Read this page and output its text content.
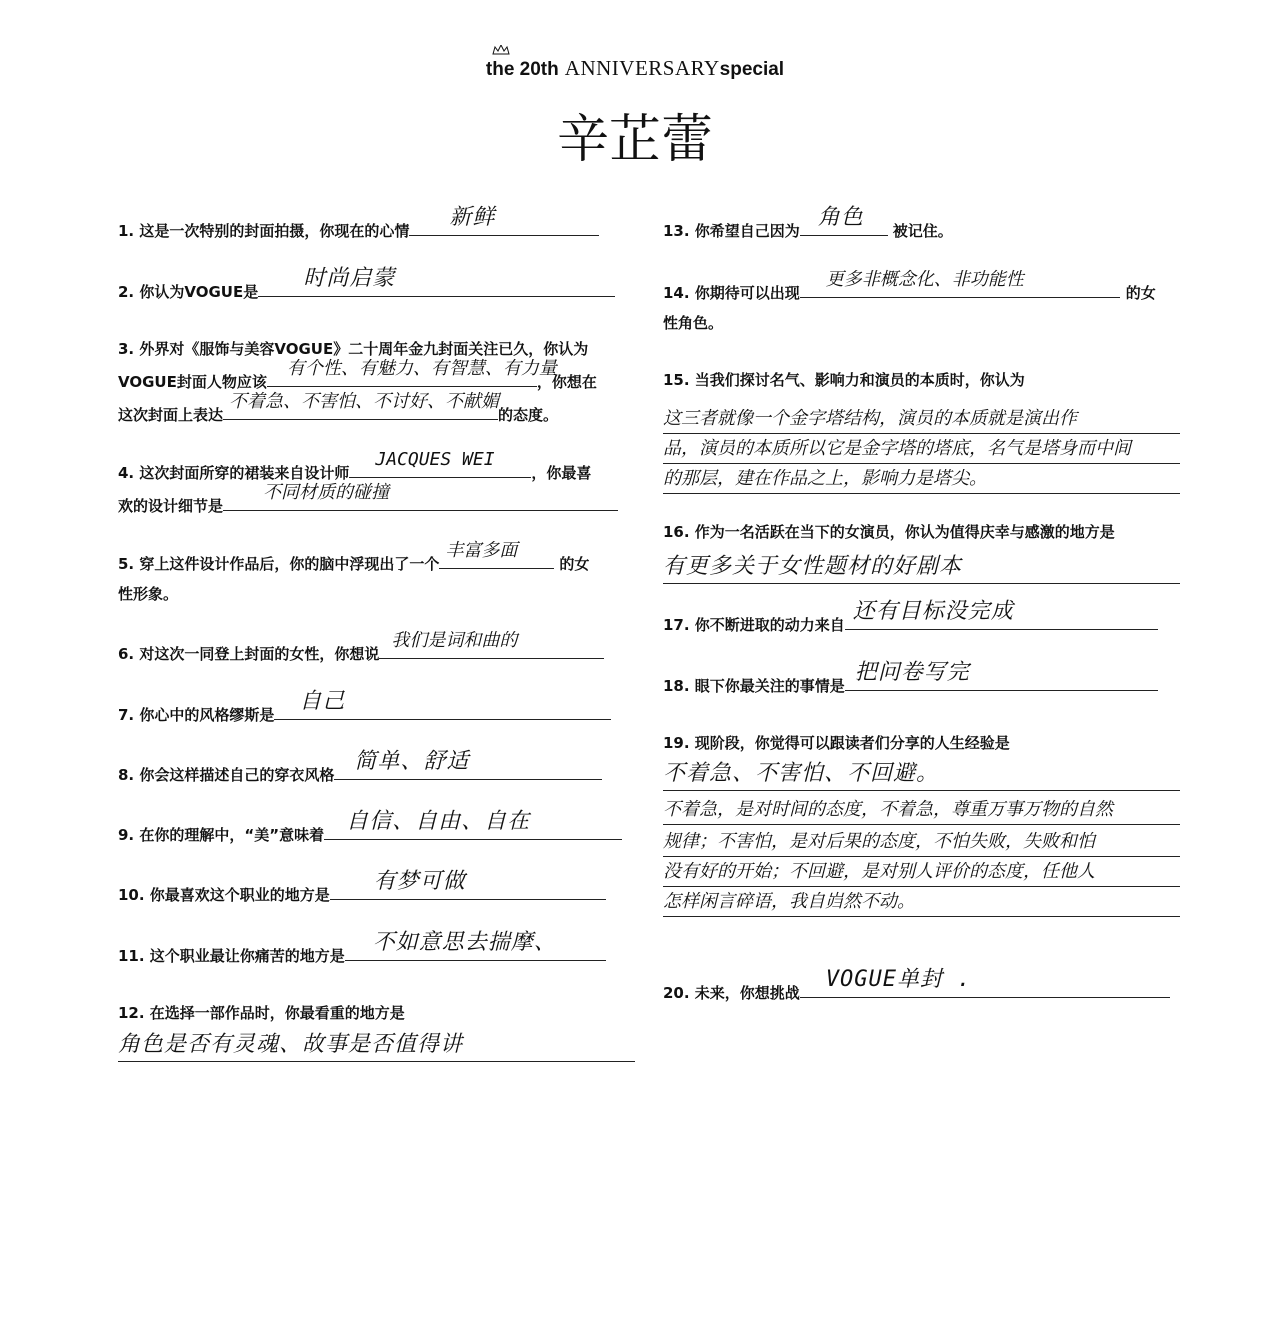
the 20th ANNIVERSARYspecial
辛芷蕾
1. 这是一次特别的封面拍摄，你现在的心情
新鲜
2. 你认为VOGUE是
时尚启蒙
3. 外界对《服饰与美容VOGUE》二十周年金九封面关注已久，你认为
VOGUE封面人物应该
有个性、有魅力、有智慧、有力量
，你想在
这次封面上表达
不着急、不害怕、不讨好、不献媚
的态度。
4. 这次封面所穿的裙装来自设计师
JACQUES WEI
，你最喜
欢的设计细节是
不同材质的碰撞
5. 穿上这件设计作品后，你的脑中浮现出了一个
丰富多面
的女
性形象。
6. 对这次一同登上封面的女性，你想说
我们是词和曲的
7. 你心中的风格缪斯是
自己
8. 你会这样描述自己的穿衣风格
简单、舒适
9. 在你的理解中，“美”意味着
自信、自由、自在
10. 你最喜欢这个职业的地方是
有梦可做
11. 这个职业最让你痛苦的地方是
不如意思去揣摩、
12. 在选择一部作品时，你最看重的地方是
角色是否有灵魂、故事是否值得讲
13. 你希望自己因为
角色
被记住。
14. 你期待可以出现
更多非概念化、非功能性
的女
性角色。
15. 当我们探讨名气、影响力和演员的本质时，你认为
这三者就像一个金字塔结构，演员的本质就是演出作
品，演员的本质所以它是金字塔的塔底，名气是塔身而中间
的那层，建在作品之上，影响力是塔尖。
16. 作为一名活跃在当下的女演员，你认为值得庆幸与感激的地方是
有更多关于女性题材的好剧本
17. 你不断进取的动力来自
还有目标没完成
18. 眼下你最关注的事情是
把问卷写完
19. 现阶段，你觉得可以跟读者们分享的人生经验是
不着急、不害怕、不回避。
不着急，是对时间的态度，不着急，尊重万事万物的自然
规律；不害怕，是对后果的态度，不怕失败，失败和怕
没有好的开始；不回避，是对别人评价的态度，任他人
怎样闲言碎语，我自岿然不动。
20. 未来，你想挑战
VOGUE单封 .
